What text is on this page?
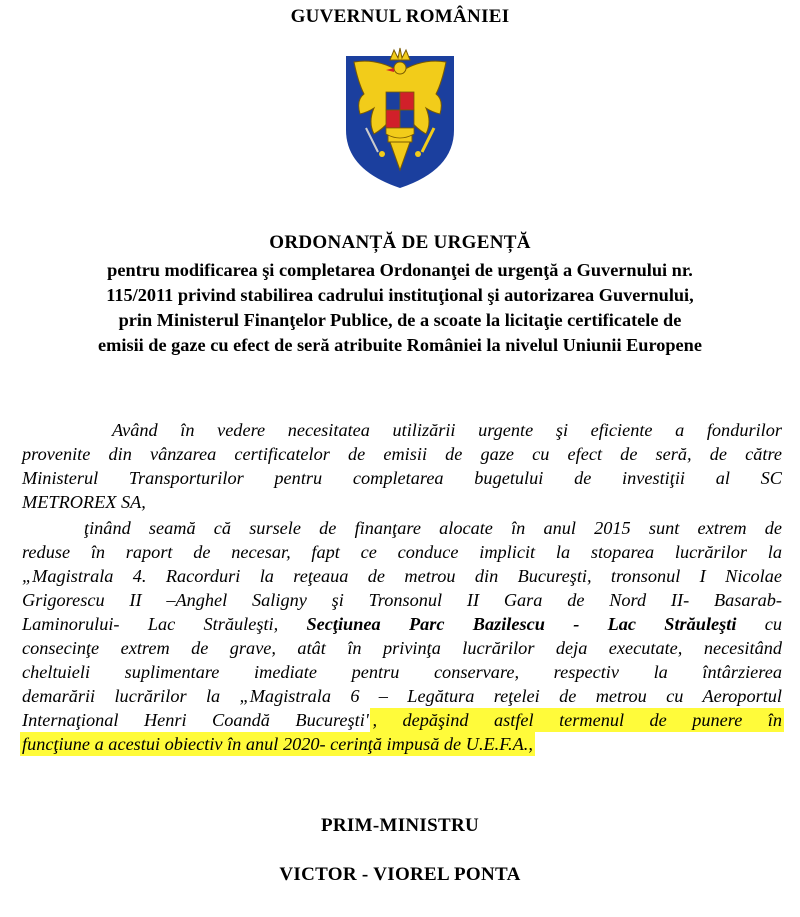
GUVERNUL ROMÂNIEI
ORDONANȚĂ DE URGENȚĂ
pentru modificarea şi completarea Ordonanţei de urgenţă a Guvernului nr.
115/2011 privind stabilirea cadrului instituţional şi autorizarea Guvernului,
prin Ministerul Finanţelor Publice, de a scoate la licitaţie certificatele de
emisii de gaze cu efect de seră atribuite României la nivelul Uniunii Europene
Având în vedere necesitatea utilizării urgente şi eficiente a fondurilor
provenite din vânzarea certificatelor de emisii de gaze cu efect de seră, de către
Ministerul Transporturilor pentru completarea bugetului de investiţii al SC
METROREX SA,
ţinând seamă că sursele de finanţare alocate în anul 2015 sunt extrem de
reduse în raport de necesar, fapt ce conduce implicit la stoparea lucrărilor la
„Magistrala 4. Racorduri la reţeaua de metrou din Bucureşti, tronsonul I Nicolae
Grigorescu II –Anghel Saligny şi Tronsonul II Gara de Nord II- Basarab-
Laminorului- Lac Străuleşti, Secţiunea Parc Bazilescu - Lac Străuleşti cu
consecinţe extrem de grave, atât în privinţa lucrărilor deja executate, necesitând
cheltuieli suplimentare imediate pentru conservare, respectiv la întârzierea
demarării lucrărilor la „Magistrala 6 – Legătura reţelei de metrou cu Aeroportul
Internaţional Henri Coandă Bucureşti", depăşind astfel termenul de punere în
funcţiune a acestui obiectiv în anul 2020- cerinţă impusă de U.E.F.A.,
PRIM-MINISTRU
VICTOR - VIOREL PONTA
